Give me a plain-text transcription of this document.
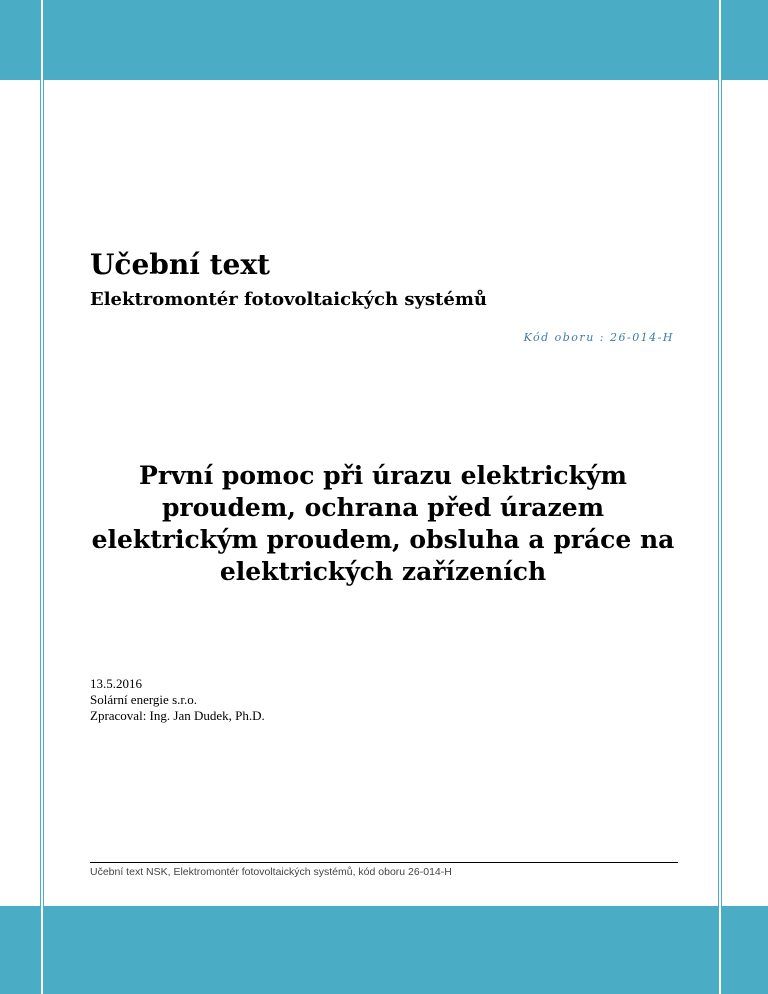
Učební text
Elektromontér fotovoltaických systémů

Kód oboru : 26-014-H

První pomoc při úrazu elektrickým proudem, ochrana před úrazem elektrickým proudem, obsluha a práce na elektrických zařízeních
13.5.2016
Solární energie s.r.o.
Zpracoval: Ing. Jan Dudek, Ph.D.
Učební text NSK, Elektromontér fotovoltaických systémů, kód oboru 26-014-H
